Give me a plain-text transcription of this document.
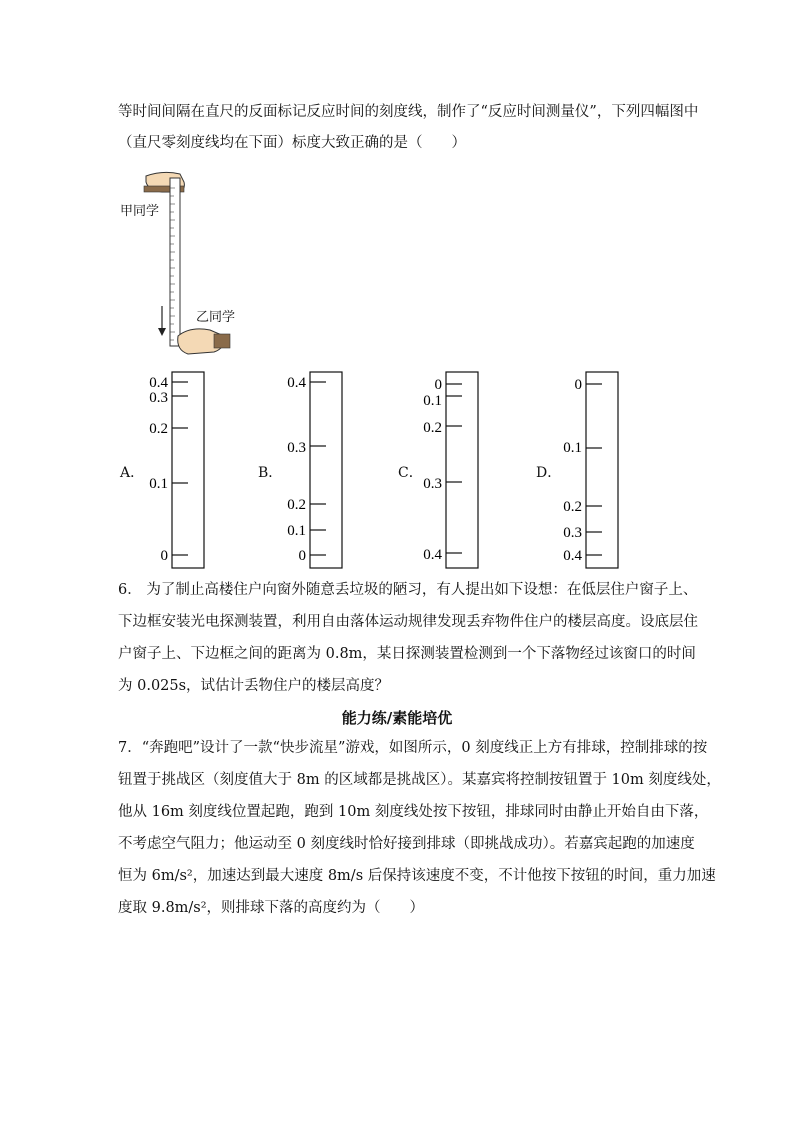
等时间间隔在直尺的反面标记反应时间的刻度线，制作了“反应时间测量仪”，下列四幅图中
（直尺零刻度线均在下面）标度大致正确的是（　　）
甲同学
乙同学
A．
0.4
0.3
0.2
0.1
0
B．
0.4
0.3
0.2
0.1
0
C．
0
0.1
0.2
0.3
0.4
D．
0
0.1
0.2
0.3
0.4
6． 为了制止高楼住户向窗外随意丢垃圾的陋习，有人提出如下设想：在低层住户窗子上、
下边框安装光电探测装置，利用自由落体运动规律发现丢弃物件住户的楼层高度。设底层住
户窗子上、下边框之间的距离为 0.8m，某日探测装置检测到一个下落物经过该窗口的时间
为 0.025s，试估计丢物住户的楼层高度？
能力练/素能培优
7．“奔跑吧”设计了一款“快步流星”游戏，如图所示，0 刻度线正上方有排球，控制排球的按
钮置于挑战区（刻度值大于 8m 的区域都是挑战区）。某嘉宾将控制按钮置于 10m 刻度线处，
他从 16m 刻度线位置起跑，跑到 10m 刻度线处按下按钮，排球同时由静止开始自由下落，
不考虑空气阻力；他运动至 0 刻度线时恰好接到排球（即挑战成功）。若嘉宾起跑的加速度
恒为 6m/s²，加速达到最大速度 8m/s 后保持该速度不变，不计他按下按钮的时间，重力加速
度取 9.8m/s²，则排球下落的高度约为（　　）
